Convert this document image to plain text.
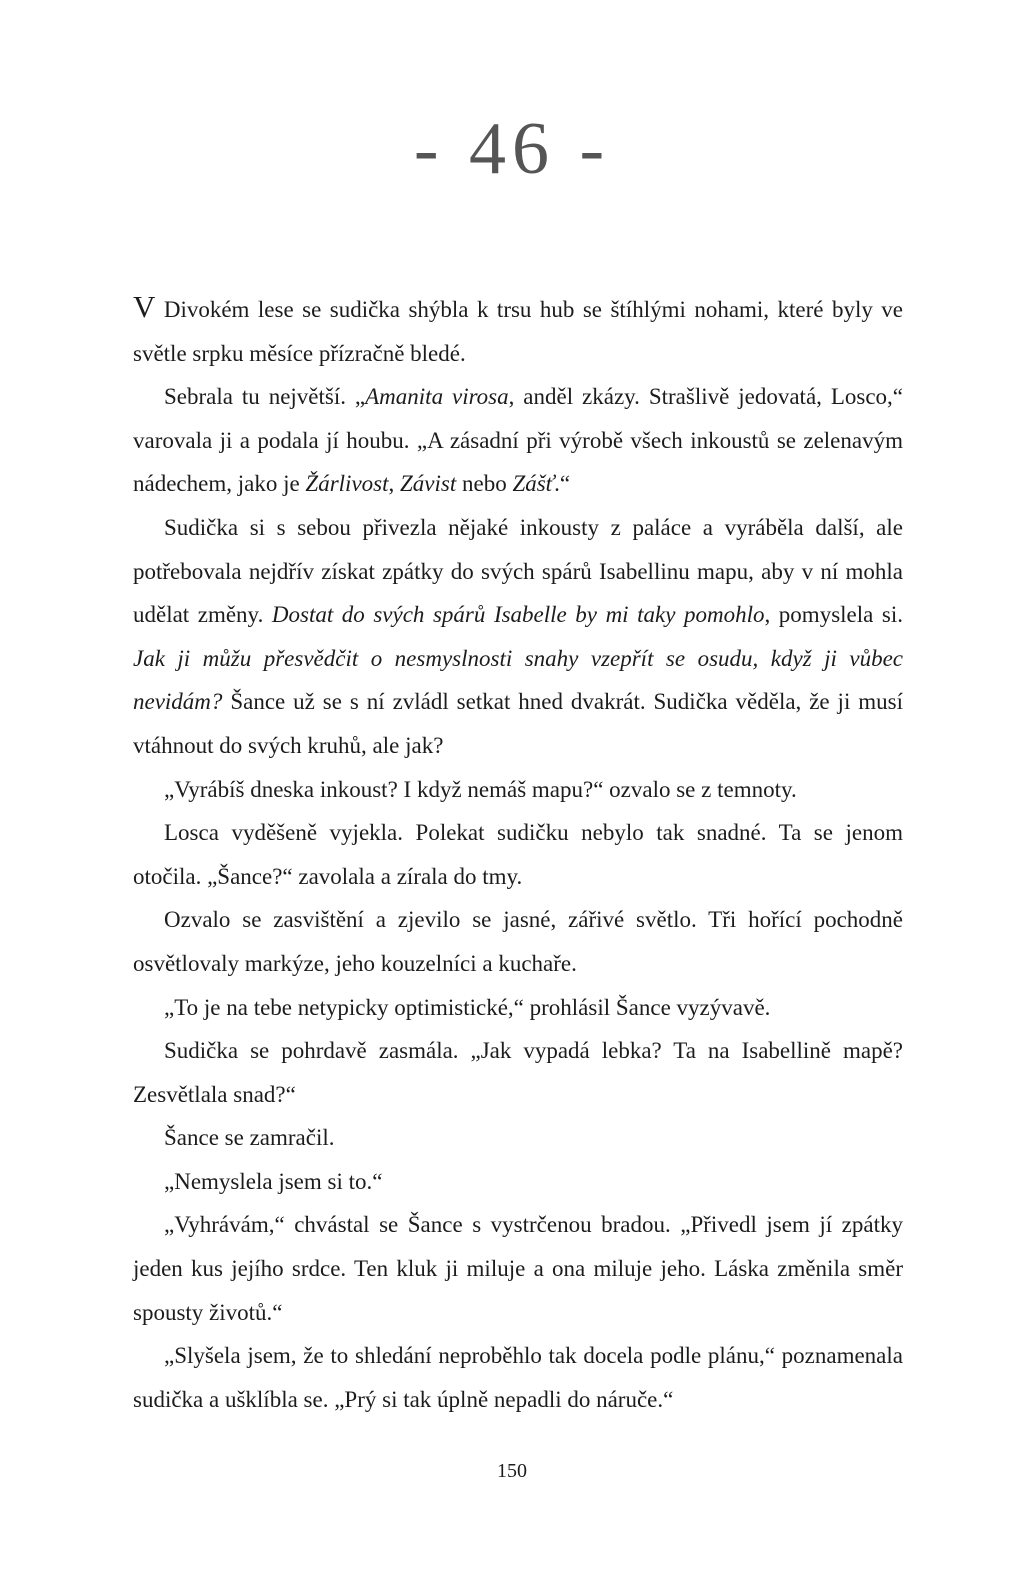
- 46 -

V Divokém lese se sudička shýbla k trsu hub se štíhlými nohami, které byly ve světle srpku měsíce přízračně bledé.

Sebrala tu největší. „Amanita virosa, anděl zkázy. Strašlivě jedovatá, Losco,“ varovala ji a podala jí houbu. „A zásadní při výrobě všech inkoustů se zelenavým nádechem, jako je Žárlivost, Závist nebo Zášť.“

Sudička si s sebou přivezla nějaké inkousty z paláce a vyráběla další, ale potřebovala nejdřív získat zpátky do svých spárů Isabellinu mapu, aby v ní mohla udělat změny. Dostat do svých spárů Isabelle by mi taky pomohlo, pomyslela si. Jak ji můžu přesvědčit o nesmyslnosti snahy vzepřít se osudu, když ji vůbec nevidám? Šance už se s ní zvládl setkat hned dvakrát. Sudička věděla, že ji musí vtáhnout do svých kruhů, ale jak?

„Vyrábíš dneska inkoust? I když nemáš mapu?“ ozvalo se z temnoty.

Losca vyděšeně vyjekla. Polekat sudičku nebylo tak snadné. Ta se jenom otočila. „Šance?“ zavolala a zírala do tmy.

Ozvalo se zasvištění a zjevilo se jasné, zářivé světlo. Tři hořící pochodně osvětlovaly markýze, jeho kouzelníci a kuchaře.

„To je na tebe netypicky optimistické,“ prohlásil Šance vyzývavě.

Sudička se pohrdavě zasmála. „Jak vypadá lebka? Ta na Isabellině mapě? Zesvětlala snad?“

Šance se zamračil.

„Nemyslela jsem si to.“

„Vyhrávám,“ chvástal se Šance s vystrčenou bradou. „Přivedl jsem jí zpátky jeden kus jejího srdce. Ten kluk ji miluje a ona miluje jeho. Láska změnila směr spousty životů.“

„Slyšela jsem, že to shledání neproběhlo tak docela podle plánu,“ poznamenala sudička a ušklíbla se. „Prý si tak úplně nepadli do náruče.“

150
